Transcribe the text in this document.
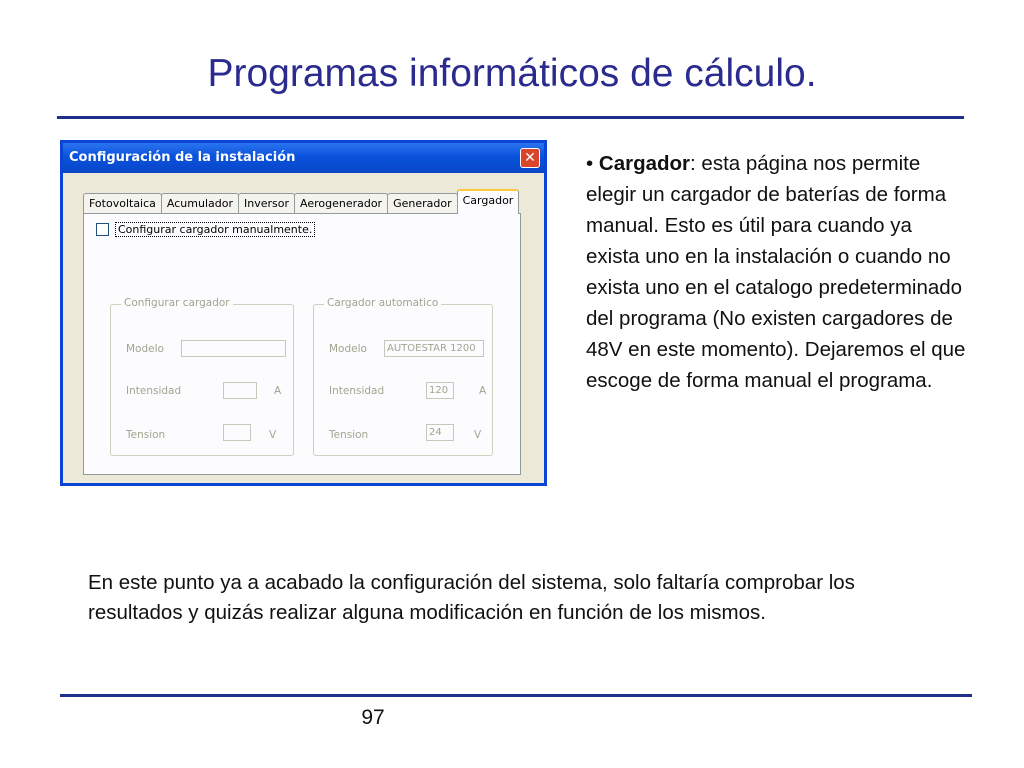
Programas informáticos de cálculo.
Configuración de la instalación	✕
Fotovoltaica	Acumulador	Inversor	Aerogenerador	Generador	Cargador
Configurar cargador manualmente.
Configurar cargador
Modelo
Intensidad	A
Tension	V
Cargador automatico
Modelo	AUTOESTAR 1200
Intensidad	120	A
Tension	24	V
• Cargador: esta página nos permite elegir un cargador de baterías de forma manual. Esto es útil para cuando ya exista uno en la instalación o cuando no exista uno en el catalogo predeterminado del programa (No existen cargadores de 48V en este momento). Dejaremos el que escoge de forma manual el programa.
En este punto ya a acabado la configuración del sistema, solo faltaría comprobar los resultados y quizás realizar alguna modificación en función de los mismos.
97
